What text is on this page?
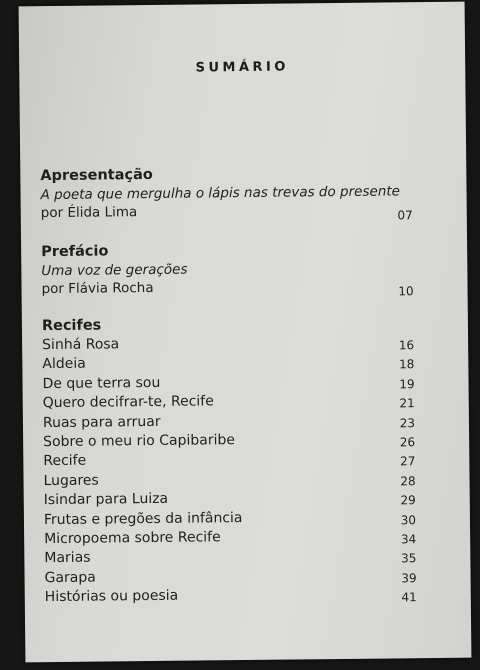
SUMÁRIO
Apresentação
A poeta que mergulha o lápis nas trevas do presente
por Élida Lima	07
Prefácio
Uma voz de gerações
por Flávia Rocha	10
Recifes
Sinhá Rosa	16
Aldeia	18
De que terra sou	19
Quero decifrar-te, Recife	21
Ruas para arruar	23
Sobre o meu rio Capibaribe	26
Recife	27
Lugares	28
Isindar para Luiza	29
Frutas e pregões da infância	30
Micropoema sobre Recife	34
Marias	35
Garapa	39
Histórias ou poesia	41
